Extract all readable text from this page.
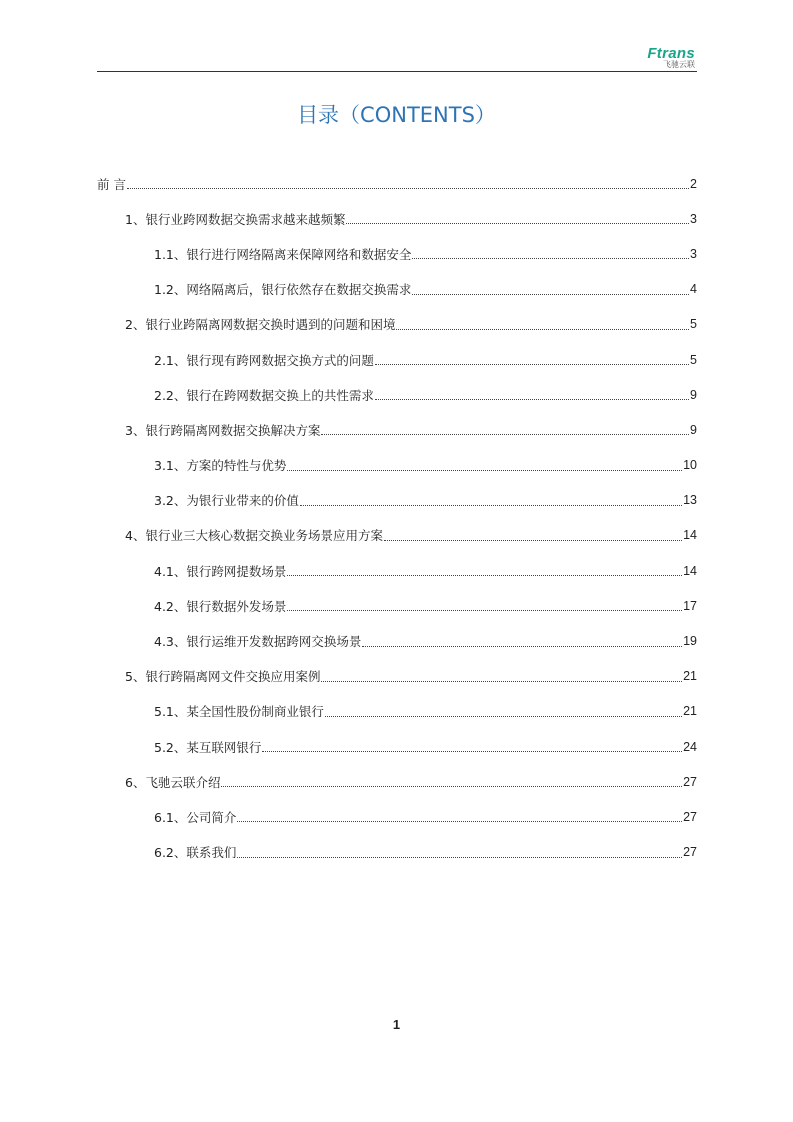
Ftrans
飞驰云联
目录（CONTENTS）
前 言	2
1、银行业跨网数据交换需求越来越频繁	3
1.1、银行进行网络隔离来保障网络和数据安全	3
1.2、网络隔离后，银行依然存在数据交换需求	4
2、银行业跨隔离网数据交换时遇到的问题和困境	5
2.1、银行现有跨网数据交换方式的问题	5
2.2、银行在跨网数据交换上的共性需求	9
3、银行跨隔离网数据交换解决方案	9
3.1、方案的特性与优势	10
3.2、为银行业带来的价值	13
4、银行业三大核心数据交换业务场景应用方案	14
4.1、银行跨网提数场景	14
4.2、银行数据外发场景	17
4.3、银行运维开发数据跨网交换场景	19
5、银行跨隔离网文件交换应用案例	21
5.1、某全国性股份制商业银行	21
5.2、某互联网银行	24
6、飞驰云联介绍	27
6.1、公司简介	27
6.2、联系我们	27
1
